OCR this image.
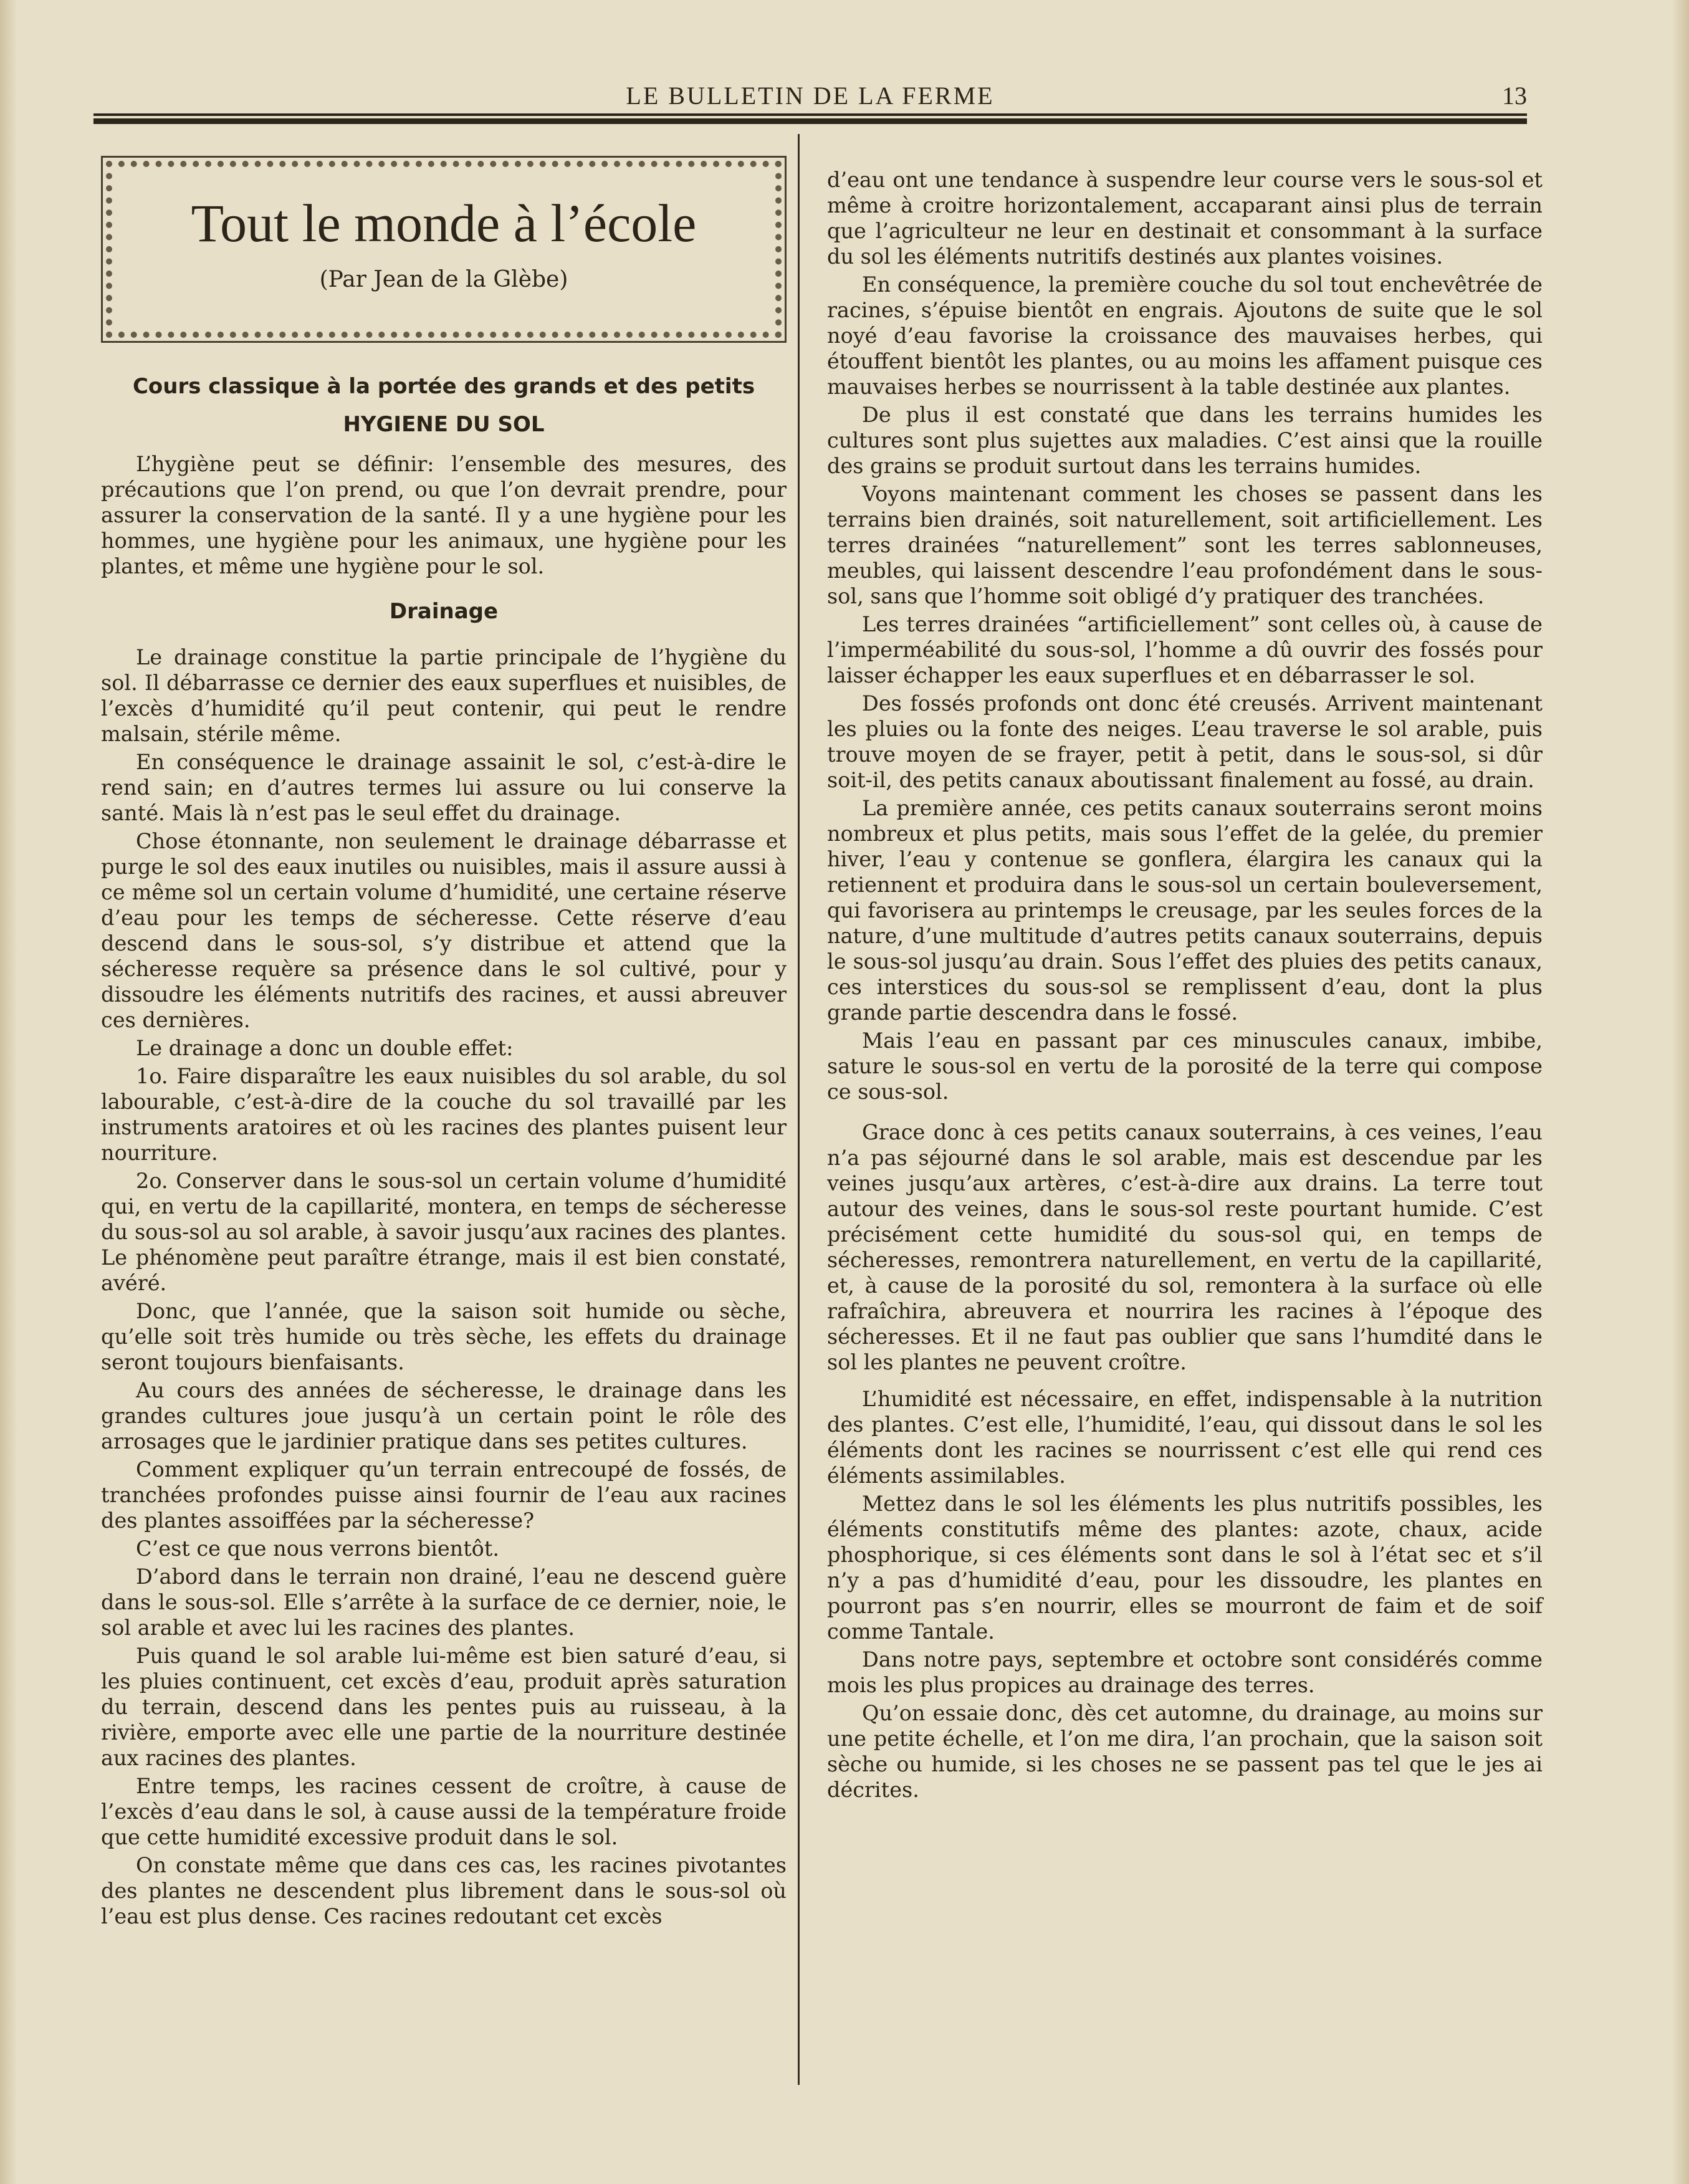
LE BULLETIN DE LA FERME	13
Tout le monde à l’école
(Par Jean de la Glèbe)
Cours classique à la portée des grands et des petits
HYGIENE DU SOL

L’hygiène peut se définir: l’ensemble des mesures, des précautions que l’on prend, ou que l’on devrait prendre, pour assurer la conservation de la santé. Il y a une hygiène pour les hommes, une hygiène pour les animaux, une hygiène pour les plantes, et même une hygiène pour le sol.

Drainage

Le drainage constitue la partie principale de l’hygiène du sol. Il débarrasse ce dernier des eaux superflues et nuisibles, de l’excès d’humidité qu’il peut contenir, qui peut le rendre malsain, stérile même.

En conséquence le drainage assainit le sol, c’est-à-dire le rend sain; en d’autres termes lui assure ou lui conserve la santé. Mais là n’est pas le seul effet du drainage.

Chose étonnante, non seulement le drainage débarrasse et purge le sol des eaux inutiles ou nuisibles, mais il assure aussi à ce même sol un certain volume d’humidité, une certaine réserve d’eau pour les temps de sécheresse. Cette réserve d’eau descend dans le sous-sol, s’y distribue et attend que la sécheresse requère sa présence dans le sol cultivé, pour y dissoudre les éléments nutritifs des racines, et aussi abreuver ces dernières.

Le drainage a donc un double effet:

1o. Faire disparaître les eaux nuisibles du sol arable, du sol labourable, c’est-à-dire de la couche du sol travaillé par les instruments aratoires et où les racines des plantes puisent leur nourriture.

2o. Conserver dans le sous-sol un certain volume d’humidité qui, en vertu de la capillarité, montera, en temps de sécheresse du sous-sol au sol arable, à savoir jusqu’aux racines des plantes. Le phénomène peut paraître étrange, mais il est bien constaté, avéré.

Donc, que l’année, que la saison soit humide ou sèche, qu’elle soit très humide ou très sèche, les effets du drainage seront toujours bienfaisants.

Au cours des années de sécheresse, le drainage dans les grandes cultures joue jusqu’à un certain point le rôle des arrosages que le jardinier pratique dans ses petites cultures.

Comment expliquer qu’un terrain entrecoupé de fossés, de tranchées profondes puisse ainsi fournir de l’eau aux racines des plantes assoiffées par la sécheresse?

C’est ce que nous verrons bientôt.

D’abord dans le terrain non drainé, l’eau ne descend guère dans le sous-sol. Elle s’arrête à la surface de ce dernier, noie, le sol arable et avec lui les racines des plantes.

Puis quand le sol arable lui-même est bien saturé d’eau, si les pluies continuent, cet excès d’eau, produit après saturation du terrain, descend dans les pentes puis au ruisseau, à la rivière, emporte avec elle une partie de la nourriture destinée aux racines des plantes.

Entre temps, les racines cessent de croître, à cause de l’excès d’eau dans le sol, à cause aussi de la température froide que cette humidité excessive produit dans le sol.

On constate même que dans ces cas, les racines pivotantes des plantes ne descendent plus librement dans le sous-sol où l’eau est plus dense. Ces racines redoutant cet excès

d’eau ont une tendance à suspendre leur course vers le sous-sol et même à croitre horizontalement, accaparant ainsi plus de terrain que l’agriculteur ne leur en destinait et consommant à la surface du sol les éléments nutritifs destinés aux plantes voisines.

En conséquence, la première couche du sol tout enchevêtrée de racines, s’épuise bientôt en engrais. Ajoutons de suite que le sol noyé d’eau favorise la croissance des mauvaises herbes, qui étouffent bientôt les plantes, ou au moins les affament puisque ces mauvaises herbes se nourrissent à la table destinée aux plantes.

De plus il est constaté que dans les terrains humides les cultures sont plus sujettes aux maladies. C’est ainsi que la rouille des grains se produit surtout dans les terrains humides.

Voyons maintenant comment les choses se passent dans les terrains bien drainés, soit naturellement, soit artificiellement. Les terres drainées “naturellement” sont les terres sablonneuses, meubles, qui laissent descendre l’eau profondément dans le sous-sol, sans que l’homme soit obligé d’y pratiquer des tranchées.

Les terres drainées “artificiellement” sont celles où, à cause de l’imperméabilité du sous-sol, l’homme a dû ouvrir des fossés pour laisser échapper les eaux superflues et en débarrasser le sol.

Des fossés profonds ont donc été creusés. Arrivent maintenant les pluies ou la fonte des neiges. L’eau traverse le sol arable, puis trouve moyen de se frayer, petit à petit, dans le sous-sol, si dûr soit-il, des petits canaux aboutissant finalement au fossé, au drain.

La première année, ces petits canaux souterrains seront moins nombreux et plus petits, mais sous l’effet de la gelée, du premier hiver, l’eau y contenue se gonflera, élargira les canaux qui la retiennent et produira dans le sous-sol un certain bouleversement, qui favorisera au printemps le creusage, par les seules forces de la nature, d’une multitude d’autres petits canaux souterrains, depuis le sous-sol jusqu’au drain. Sous l’effet des pluies des petits canaux, ces interstices du sous-sol se remplissent d’eau, dont la plus grande partie descendra dans le fossé.

Mais l’eau en passant par ces minuscules canaux, imbibe, sature le sous-sol en vertu de la porosité de la terre qui compose ce sous-sol.

Grace donc à ces petits canaux souterrains, à ces veines, l’eau n’a pas séjourné dans le sol arable, mais est descendue par les veines jusqu’aux artères, c’est-à-dire aux drains. La terre tout autour des veines, dans le sous-sol reste pourtant humide. C’est précisément cette humidité du sous-sol qui, en temps de sécheresses, remontrera naturellement, en vertu de la capillarité, et, à cause de la porosité du sol, remontera à la surface où elle rafraîchira, abreuvera et nourrira les racines à l’époque des sécheresses. Et il ne faut pas oublier que sans l’humdité dans le sol les plantes ne peuvent croître.

L’humidité est nécessaire, en effet, indispensable à la nutrition des plantes. C’est elle, l’humidité, l’eau, qui dissout dans le sol les éléments dont les racines se nourrissent c’est elle qui rend ces éléments assimilables.

Mettez dans le sol les éléments les plus nutritifs possibles, les éléments constitutifs même des plantes: azote, chaux, acide phosphorique, si ces éléments sont dans le sol à l’état sec et s’il n’y a pas d’humidité d’eau, pour les dissoudre, les plantes en pourront pas s’en nourrir, elles se mourront de faim et de soif comme Tantale.

Dans notre pays, septembre et octobre sont considérés comme mois les plus propices au drainage des terres.

Qu’on essaie donc, dès cet automne, du drainage, au moins sur une petite échelle, et l’on me dira, l’an prochain, que la saison soit sèche ou humide, si les choses ne se passent pas tel que le jes ai décrites.
